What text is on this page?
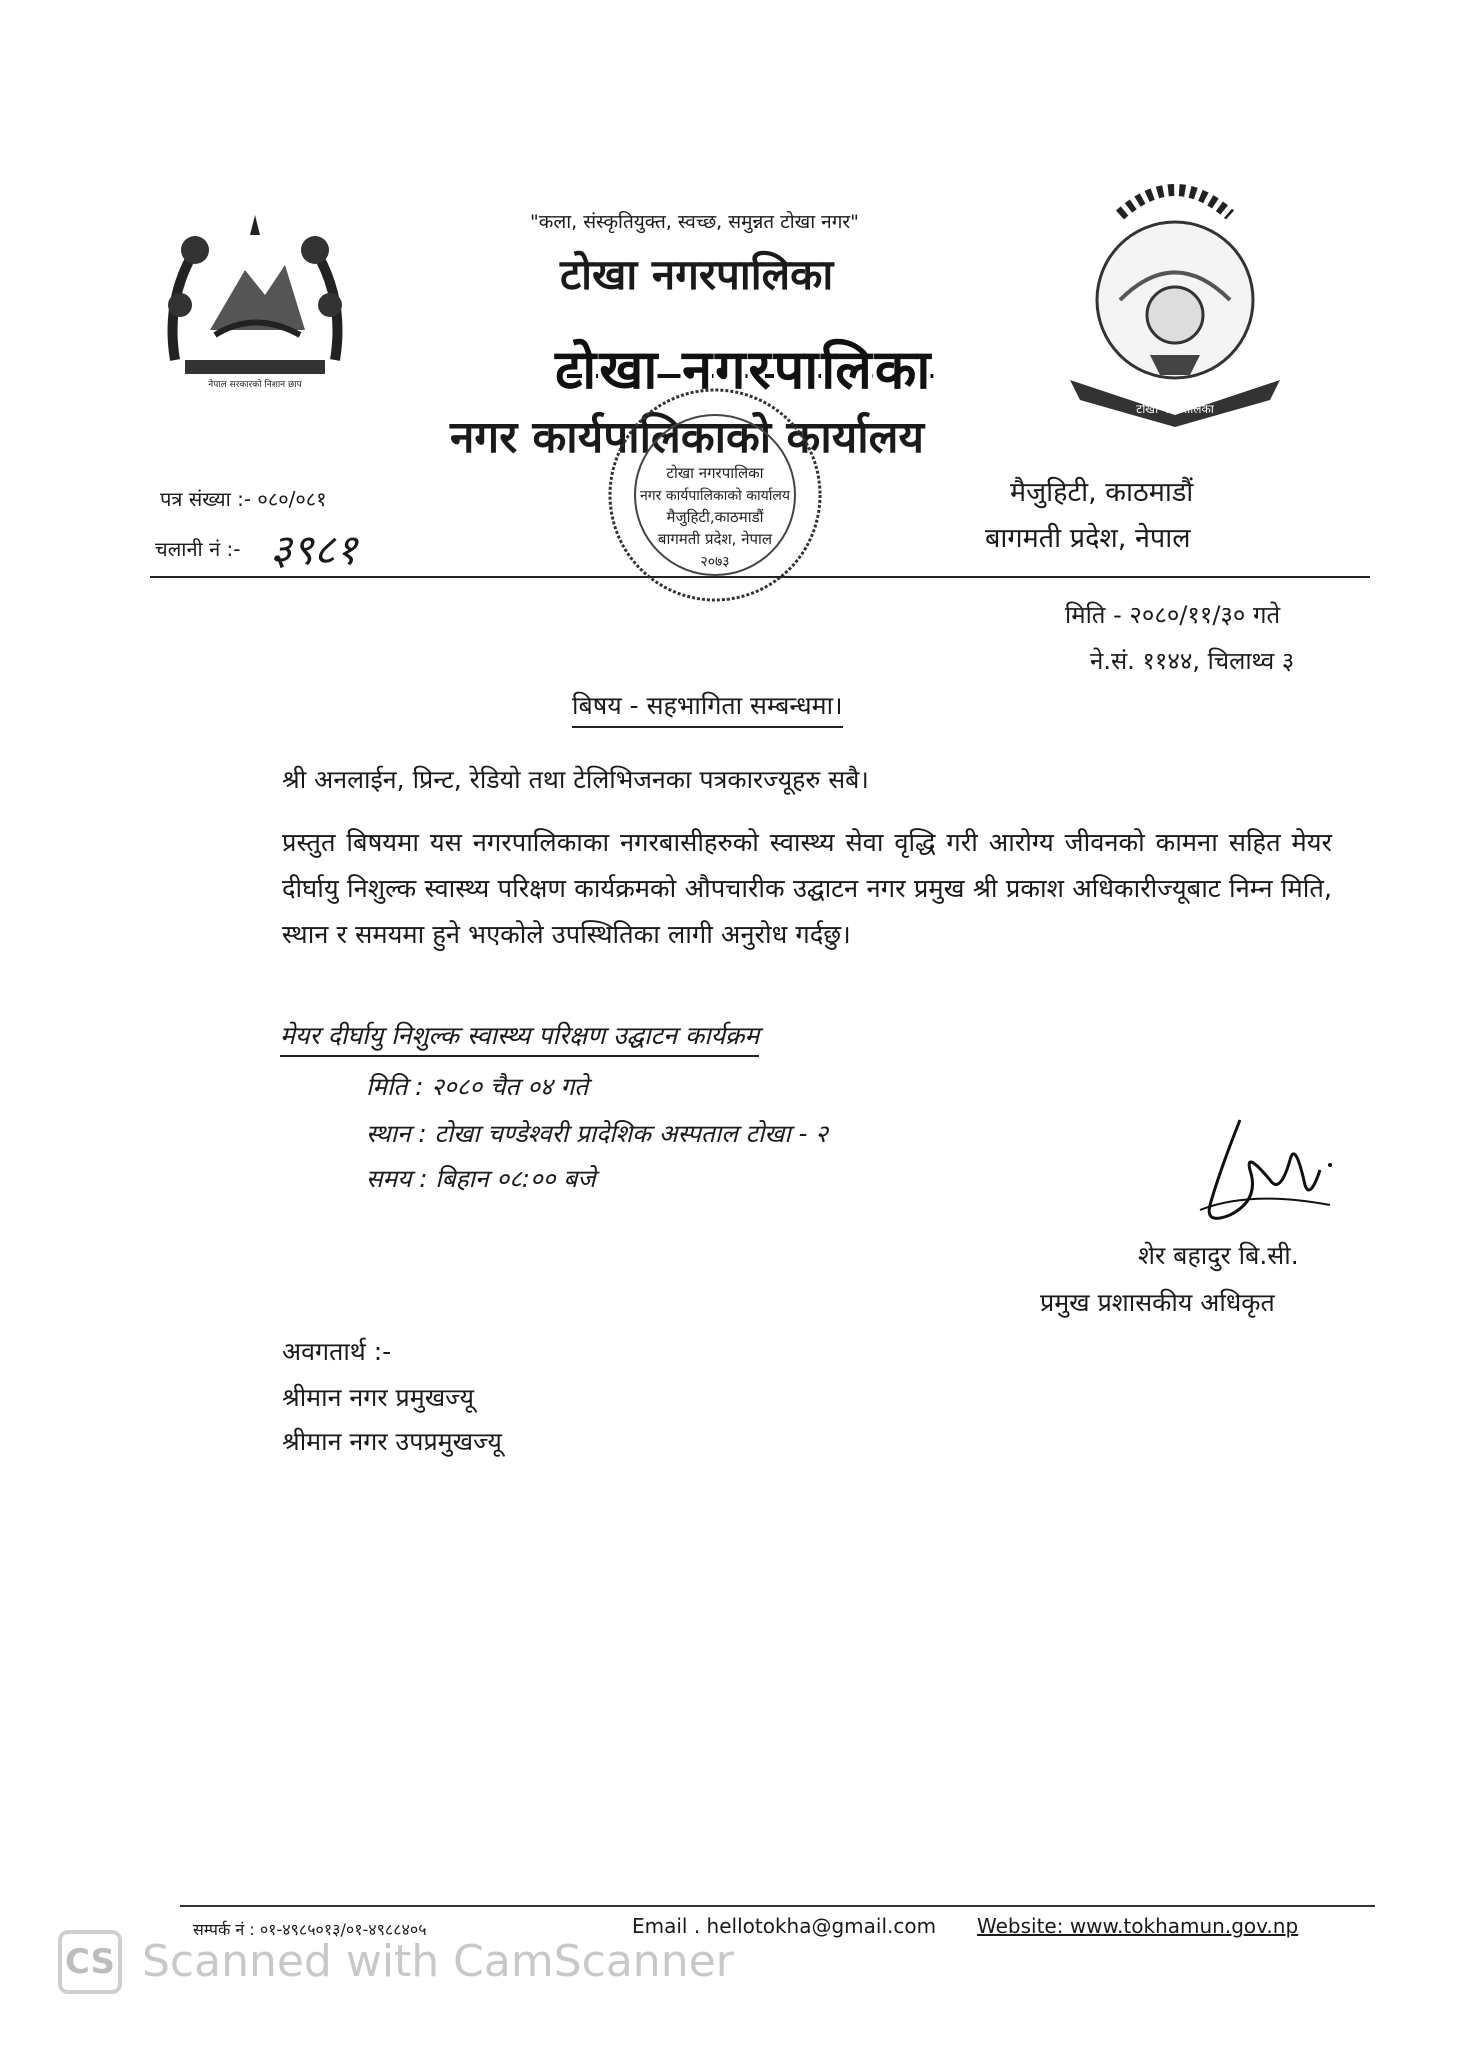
नेपाल सरकारको निशान छाप
टोखा नगरपालिका
"कला, संस्कृतियुक्त, स्वच्छ, समुन्नत टोखा नगर"
टोखा नगरपालिका
टोखा नगरपालिका
नगर कार्यपालिकाको कार्यालय
टोखा नगरपालिका
नगर कार्यपालिकाको कार्यालय
मैजुहिटी,काठमाडौं
बागमती प्रदेश, नेपाल
२०७३
पत्र संख्या :- ०८०/०८१
चलानी नं :- ३९८१
मैजुहिटी, काठमाडौं
बागमती प्रदेश, नेपाल
मिति - २०८०/११/३० गते
ने.सं. ११४४, चिलाथ्व ३
बिषय - सहभागिता सम्बन्धमा।
श्री अनलाईन, प्रिन्ट, रेडियो तथा टेलिभिजनका पत्रकारज्यूहरु सबै।
प्रस्तुत बिषयमा यस नगरपालिकाका नगरबासीहरुको स्वास्थ्य सेवा वृद्धि गरी आरोग्य जीवनको कामना सहित मेयर दीर्घायु निशुल्क स्वास्थ्य परिक्षण कार्यक्रमको औपचारीक उद्घाटन नगर प्रमुख श्री प्रकाश अधिकारीज्यूबाट निम्न मिति, स्थान र समयमा हुने भएकोले उपस्थितिका लागी अनुरोध गर्दछु।
मेयर दीर्घायु निशुल्क स्वास्थ्य परिक्षण उद्घाटन कार्यक्रम
मिति : २०८० चैत ०४ गते
स्थान : टोखा चण्डेश्वरी प्रादेशिक अस्पताल टोखा - २
समय : बिहान ०८:०० बजे
शेर बहादुर बि.सी.
प्रमुख प्रशासकीय अधिकृत
अवगतार्थ :-
श्रीमान नगर प्रमुखज्यू
श्रीमान नगर उपप्रमुखज्यू
सम्पर्क नं : ०१-४९८५०१३/०१-४९८८४०५	Email . hellotokha@gmail.com Website: www.tokhamun.gov.np
CS Scanned with CamScanner
